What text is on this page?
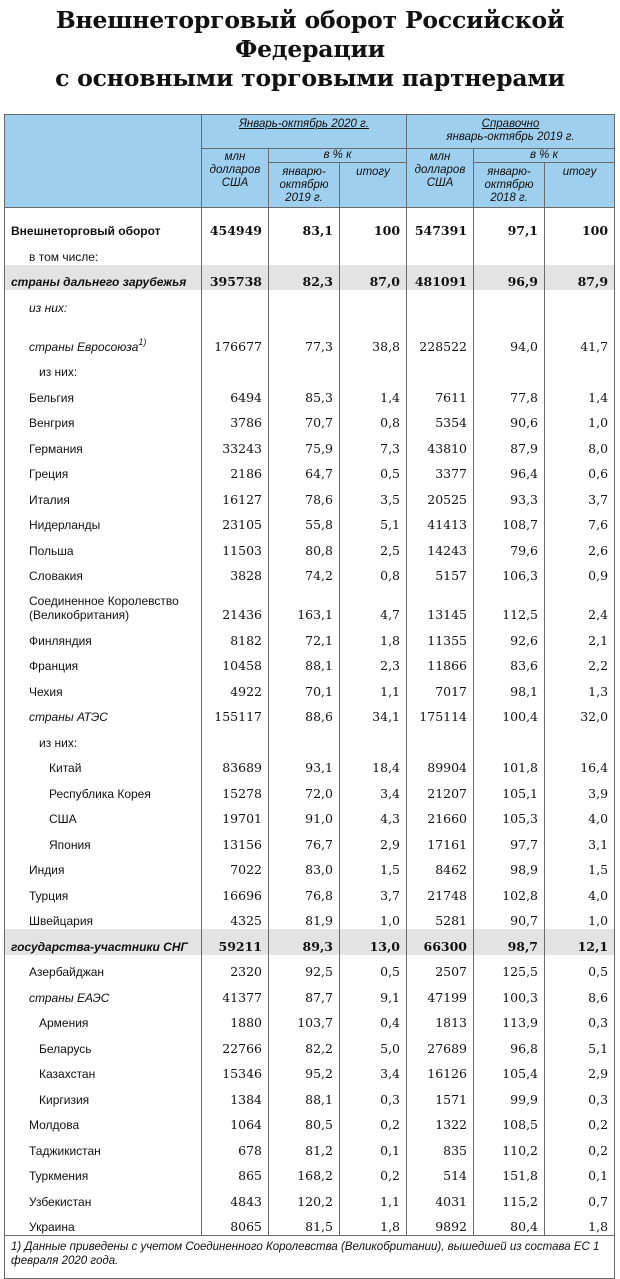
Внешнеторговый оборот Российской
Федерации
с основными торговыми партнерами
	Январь-октябрь 2020 г.			Справочно
январь-октябрь 2019 г.		
	млн долларов США	в % к		млн долларов США	в % к	
		январю-октябрю 2019 г.	итогу		январю-октябрю 2018 г.	итогу
Внешнеторговый оборот	454949	83,1	100	547391	97,1	100
в том числе:						
страны дальнего зарубежья	395738	82,3	87,0	481091	96,9	87,9
из них:						
страны Евросоюза$^{1)}$	176677	77,3	38,8	228522	94,0	41,7
из них:						
Бельгия	6494	85,3	1,4	7611	77,8	1,4
Венгрия	3786	70,7	0,8	5354	90,6	1,0
Германия	33243	75,9	7,3	43810	87,9	8,0
Греция	2186	64,7	0,5	3377	96,4	0,6
Италия	16127	78,6	3,5	20525	93,3	3,7
Нидерланды	23105	55,8	5,1	41413	108,7	7,6
Польша	11503	80,8	2,5	14243	79,6	2,6
Словакия	3828	74,2	0,8	5157	106,3	0,9
Соединенное Королевство
(Великобритания)	21436	163,1	4,7	13145	112,5	2,4
Финляндия	8182	72,1	1,8	11355	92,6	2,1
Франция	10458	88,1	2,3	11866	83,6	2,2
Чехия	4922	70,1	1,1	7017	98,1	1,3
страны АТЭС	155117	88,6	34,1	175114	100,4	32,0
из них:						
Китай	83689	93,1	18,4	89904	101,8	16,4
Республика Корея	15278	72,0	3,4	21207	105,1	3,9
США	19701	91,0	4,3	21660	105,3	4,0
Япония	13156	76,7	2,9	17161	97,7	3,1
Индия	7022	83,0	1,5	8462	98,9	1,5
Турция	16696	76,8	3,7	21748	102,8	4,0
Швейцария	4325	81,9	1,0	5281	90,7	1,0
государства-участники СНГ	59211	89,3	13,0	66300	98,7	12,1
Азербайджан	2320	92,5	0,5	2507	125,5	0,5
страны ЕАЭС	41377	87,7	9,1	47199	100,3	8,6
Армения	1880	103,7	0,4	1813	113,9	0,3
Беларусь	22766	82,2	5,0	27689	96,8	5,1
Казахстан	15346	95,2	3,4	16126	105,4	2,9
Киргизия	1384	88,1	0,3	1571	99,9	0,3
Молдова	1064	80,5	0,2	1322	108,5	0,2
Таджикистан	678	81,2	0,1	835	110,2	0,2
Туркмения	865	168,2	0,2	514	151,8	0,1
Узбекистан	4843	120,2	1,1	4031	115,2	0,7
Украина	8065	81,5	1,8	9892	80,4	1,8
1) Данные приведены с учетом Соединенного Королевства (Великобритании), вышедшей из состава ЕС 1 февраля 2020 года.						
